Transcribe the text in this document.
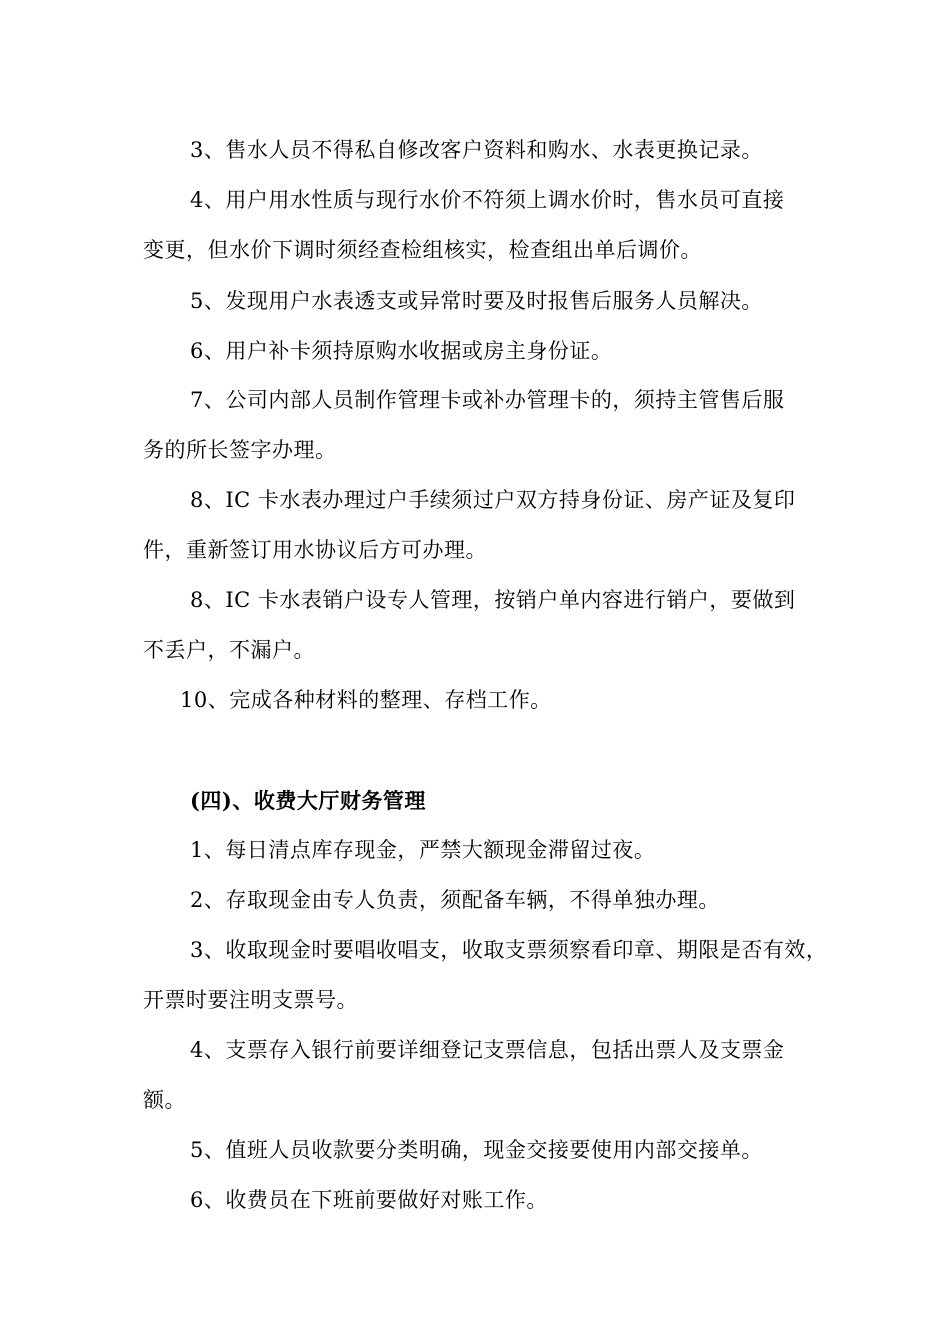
3、售水人员不得私自修改客户资料和购水、水表更换记录。
4、用户用水性质与现行水价不符须上调水价时，售水员可直接
变更，但水价下调时须经查检组核实，检查组出单后调价。
5、发现用户水表透支或异常时要及时报售后服务人员解决。
6、用户补卡须持原购水收据或房主身份证。
7、公司内部人员制作管理卡或补办管理卡的，须持主管售后服
务的所长签字办理。
8、IC 卡水表办理过户手续须过户双方持身份证、房产证及复印
件，重新签订用水协议后方可办理。
8、IC 卡水表销户设专人管理，按销户单内容进行销户，要做到
不丢户，不漏户。
10、完成各种材料的整理、存档工作。
(四)、收费大厅财务管理
1、每日清点库存现金，严禁大额现金滞留过夜。
2、存取现金由专人负责，须配备车辆，不得单独办理。
3、收取现金时要唱收唱支，收取支票须察看印章、期限是否有效，
开票时要注明支票号。
4、支票存入银行前要详细登记支票信息，包括出票人及支票金
额。
5、值班人员收款要分类明确，现金交接要使用内部交接单。
6、收费员在下班前要做好对账工作。
